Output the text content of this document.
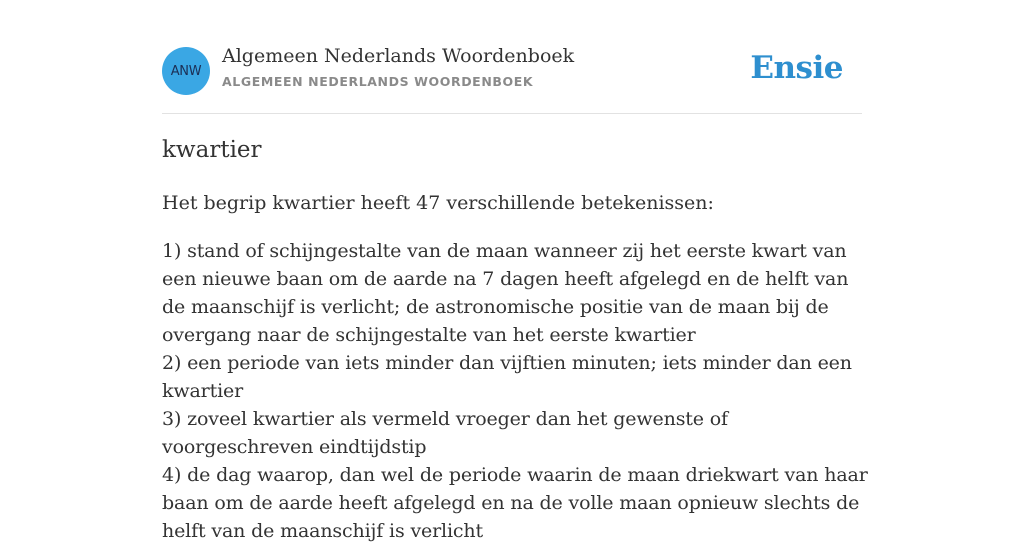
ANW
Algemeen Nederlands Woordenboek
ALGEMEEN NEDERLANDS WOORDENBOEK	Ensie
kwartier

Het begrip kwartier heeft 47 verschillende betekenissen:

1) stand of schijngestalte van de maan wanneer zij het eerste kwart van een nieuwe baan om de aarde na 7 dagen heeft afgelegd en de helft van de maanschijf is verlicht; de astronomische positie van de maan bij de overgang naar de schijngestalte van het eerste kwartier
2) een periode van iets minder dan vijftien minuten; iets minder dan een kwartier
3) zoveel kwartier als vermeld vroeger dan het gewenste of voorgeschreven eindtijdstip
4) de dag waarop, dan wel de periode waarin de maan driekwart van haar baan om de aarde heeft afgelegd en na de volle maan opnieuw slechts de helft van de maanschijf is verlicht
